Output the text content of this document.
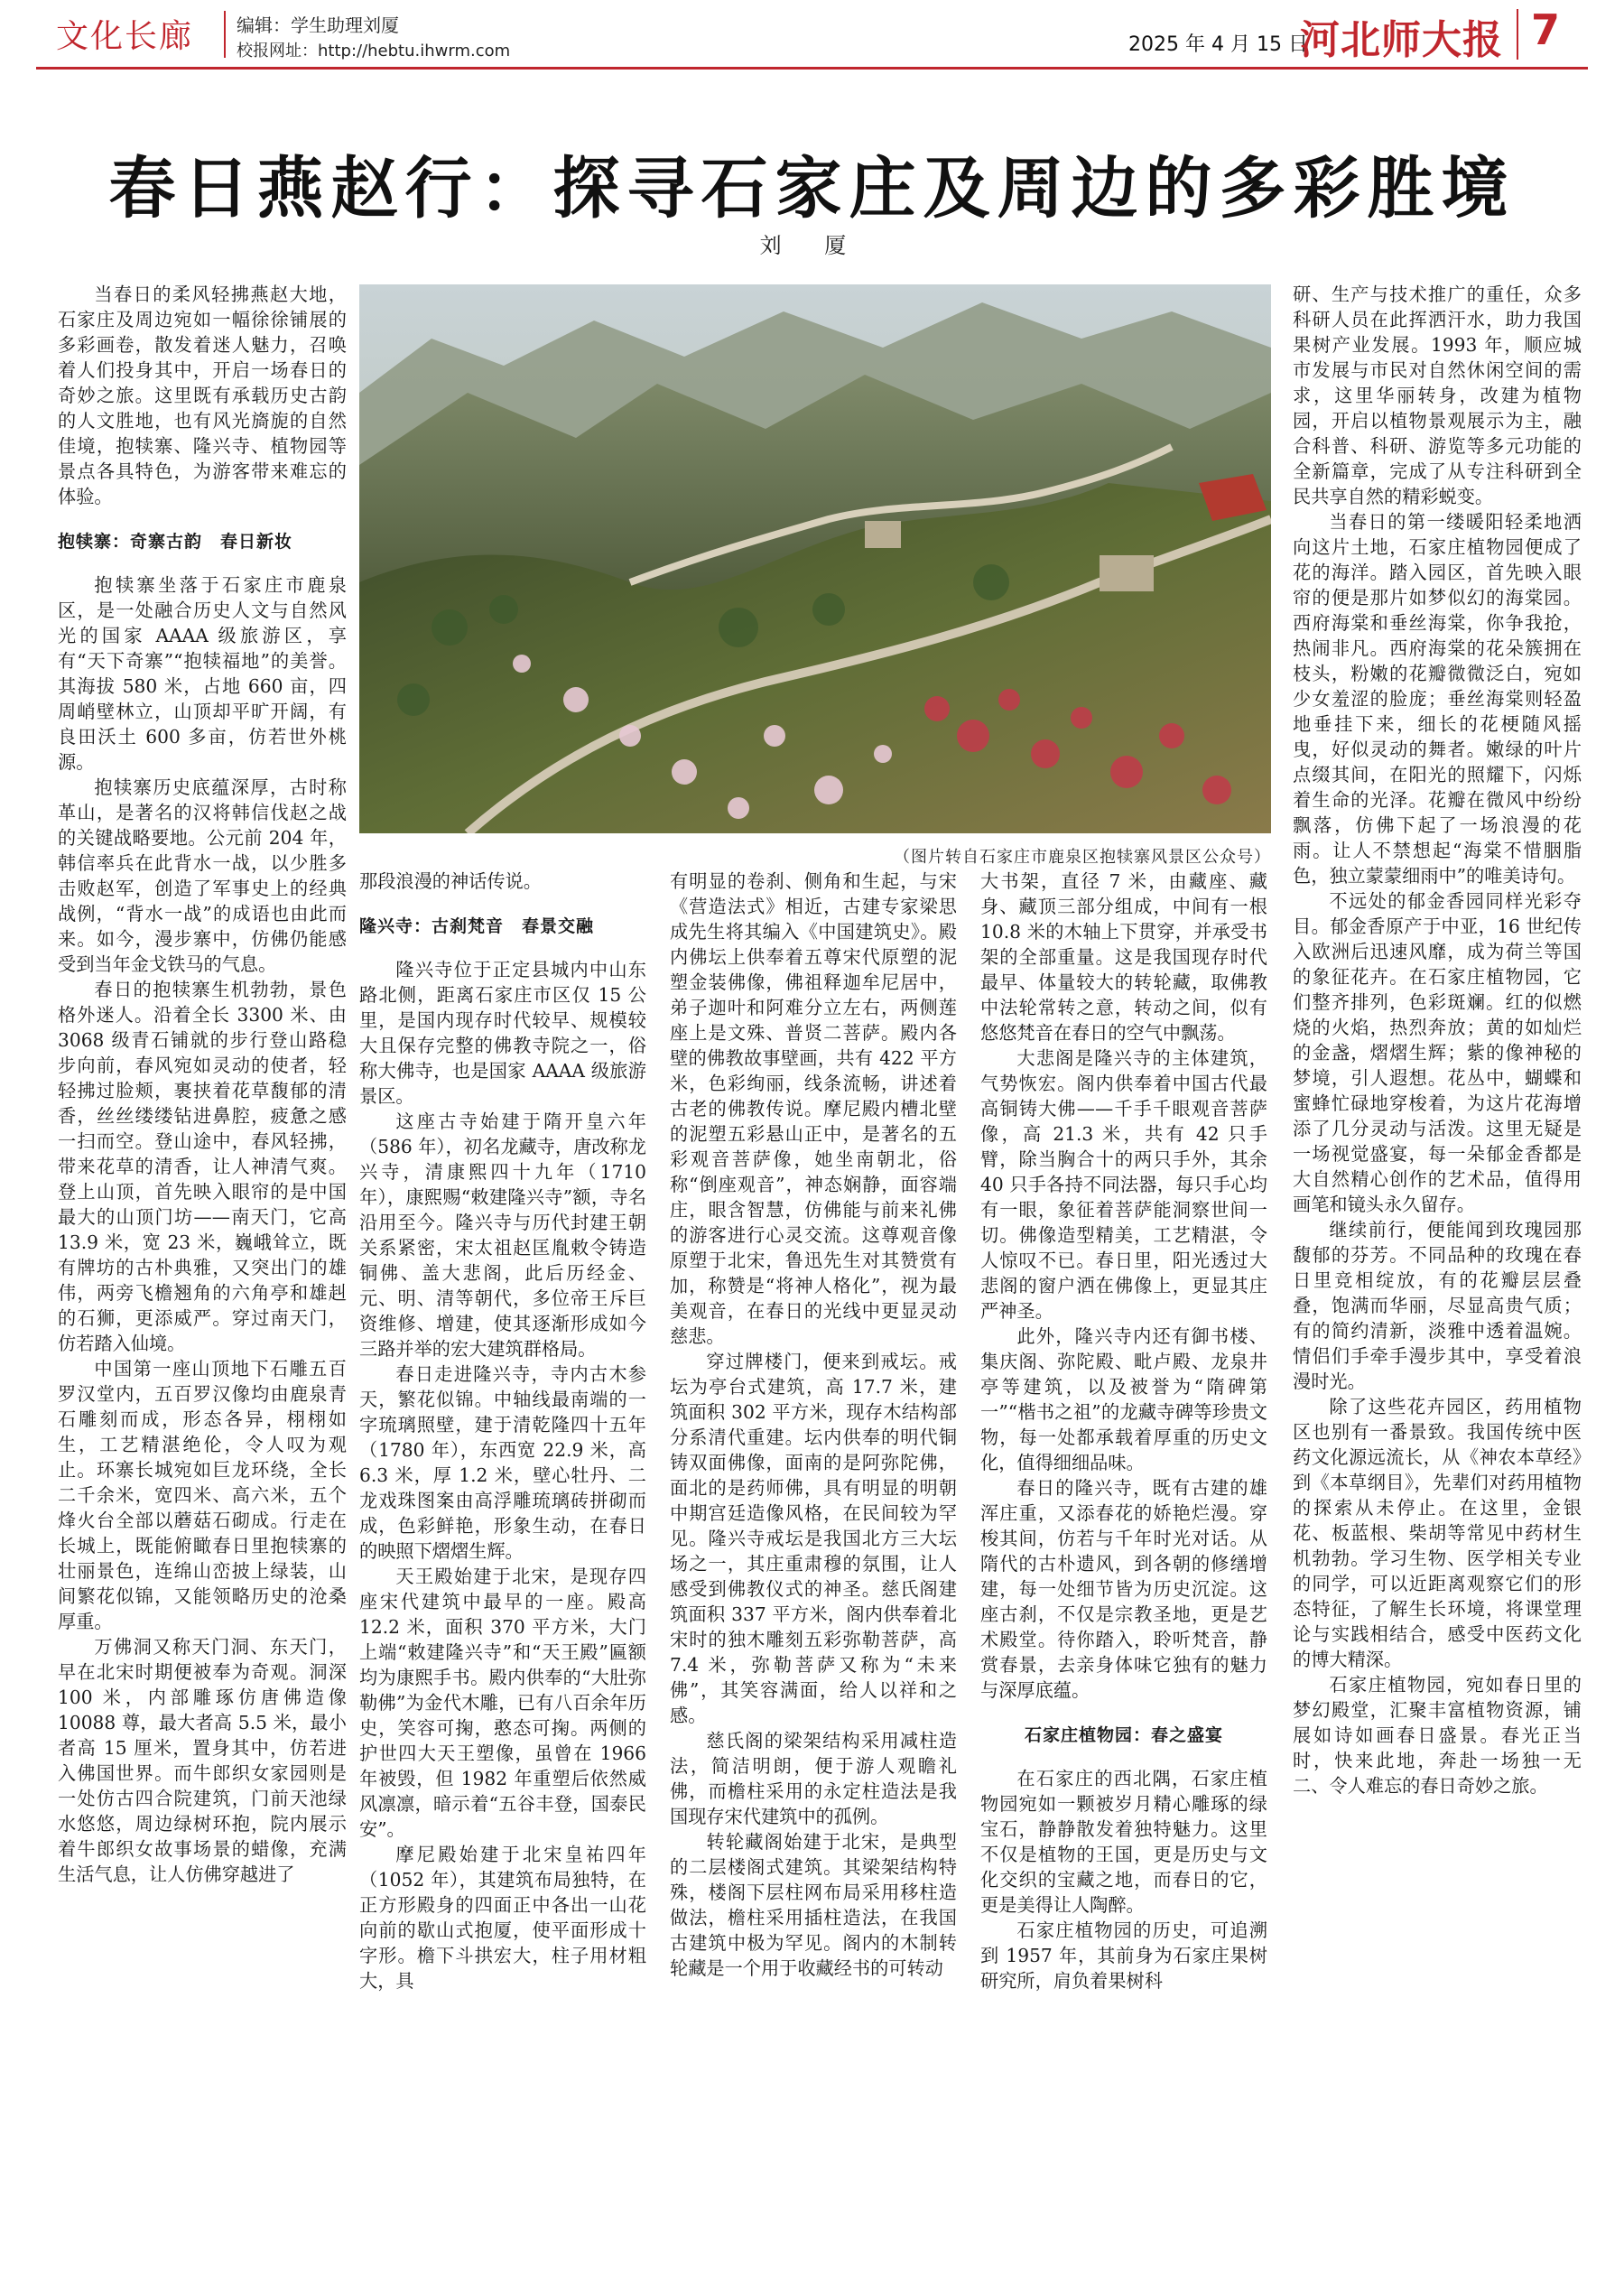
文化长廊 编辑：学生助理刘厦
校报网址：http://hebtu.ihwrm.com	2025 年 4 月 15 日
河北师大报 7
春日燕赵行：探寻石家庄及周边的多彩胜境
刘 厦
（图片转自石家庄市鹿泉区抱犊寨风景区公众号）

当春日的柔风轻拂燕赵大地，石家庄及周边宛如一幅徐徐铺展的多彩画卷，散发着迷人魅力，召唤着人们投身其中，开启一场春日的奇妙之旅。这里既有承载历史古韵的人文胜地，也有风光旖旎的自然佳境，抱犊寨、隆兴寺、植物园等景点各具特色，为游客带来难忘的体验。

抱犊寨：奇寨古韵　春日新妆

抱犊寨坐落于石家庄市鹿泉区，是一处融合历史人文与自然风光的国家 AAAA 级旅游区，享有“天下奇寨”“抱犊福地”的美誉。其海拔 580 米，占地 660 亩，四周峭壁林立，山顶却平旷开阔，有良田沃土 600 多亩，仿若世外桃源。

抱犊寨历史底蕴深厚，古时称革山，是著名的汉将韩信伐赵之战的关键战略要地。公元前 204 年，韩信率兵在此背水一战，以少胜多击败赵军，创造了军事史上的经典战例，“背水一战”的成语也由此而来。如今，漫步寨中，仿佛仍能感受到当年金戈铁马的气息。

春日的抱犊寨生机勃勃，景色格外迷人。沿着全长 3300 米、由 3068 级青石铺就的步行登山路稳步向前，春风宛如灵动的使者，轻轻拂过脸颊，裹挟着花草馥郁的清香，丝丝缕缕钻进鼻腔，疲惫之感一扫而空。登山途中，春风轻拂，带来花草的清香，让人神清气爽。登上山顶，首先映入眼帘的是中国最大的山顶门坊——南天门，它高 13.9 米，宽 23 米，巍峨耸立，既有牌坊的古朴典雅，又突出门的雄伟，两旁飞檐翘角的六角亭和雄赳的石狮，更添威严。穿过南天门，仿若踏入仙境。

中国第一座山顶地下石雕五百罗汉堂内，五百罗汉像均由鹿泉青石雕刻而成，形态各异，栩栩如生，工艺精湛绝伦，令人叹为观止。环寨长城宛如巨龙环绕，全长二千余米，宽四米、高六米，五个烽火台全部以蘑菇石砌成。行走在长城上，既能俯瞰春日里抱犊寨的壮丽景色，连绵山峦披上绿装，山间繁花似锦，又能领略历史的沧桑厚重。

万佛洞又称天门洞、东天门，早在北宋时期便被奉为奇观。洞深 100 米，内部雕琢仿唐佛造像 10088 尊，最大者高 5.5 米，最小者高 15 厘米，置身其中，仿若进入佛国世界。而牛郎织女家园则是一处仿古四合院建筑，门前天池绿水悠悠，周边绿树环抱，院内展示着牛郎织女故事场景的蜡像，充满生活气息，让人仿佛穿越进了

那段浪漫的神话传说。

隆兴寺：古刹梵音　春景交融

隆兴寺位于正定县城内中山东路北侧，距离石家庄市区仅 15 公里，是国内现存时代较早、规模较大且保存完整的佛教寺院之一，俗称大佛寺，也是国家 AAAA 级旅游景区。

这座古寺始建于隋开皇六年（586 年），初名龙藏寺，唐改称龙兴寺，清康熙四十九年（1710 年），康熙赐“敕建隆兴寺”额，寺名沿用至今。隆兴寺与历代封建王朝关系紧密，宋太祖赵匡胤敕令铸造铜佛、盖大悲阁，此后历经金、元、明、清等朝代，多位帝王斥巨资维修、增建，使其逐渐形成如今三路并举的宏大建筑群格局。

春日走进隆兴寺，寺内古木参天，繁花似锦。中轴线最南端的一字琉璃照壁，建于清乾隆四十五年（1780 年），东西宽 22.9 米，高 6.3 米，厚 1.2 米，壁心牡丹、二龙戏珠图案由高浮雕琉璃砖拼砌而成，色彩鲜艳，形象生动，在春日的映照下熠熠生辉。

天王殿始建于北宋，是现存四座宋代建筑中最早的一座。殿高 12.2 米，面积 370 平方米，大门上端“敕建隆兴寺”和“天王殿”匾额均为康熙手书。殿内供奉的“大肚弥勒佛”为金代木雕，已有八百余年历史，笑容可掬，憨态可掬。两侧的护世四大天王塑像，虽曾在 1966 年被毁，但 1982 年重塑后依然威风凛凛，暗示着“五谷丰登，国泰民安”。

摩尼殿始建于北宋皇祐四年（1052 年），其建筑布局独特，在正方形殿身的四面正中各出一山花向前的歇山式抱厦，使平面形成十字形。檐下斗拱宏大，柱子用材粗大，具

有明显的卷刹、侧角和生起，与宋《营造法式》相近，古建专家梁思成先生将其编入《中国建筑史》。殿内佛坛上供奉着五尊宋代原塑的泥塑金装佛像，佛祖释迦牟尼居中，弟子迦叶和阿难分立左右，两侧莲座上是文殊、普贤二菩萨。殿内各壁的佛教故事壁画，共有 422 平方米，色彩绚丽，线条流畅，讲述着古老的佛教传说。摩尼殿内槽北壁的泥塑五彩悬山正中，是著名的五彩观音菩萨像，她坐南朝北，俗称“倒座观音”，神态娴静，面容端庄，眼含智慧，仿佛能与前来礼佛的游客进行心灵交流。这尊观音像原塑于北宋，鲁迅先生对其赞赏有加，称赞是“将神人格化”，视为最美观音，在春日的光线中更显灵动慈悲。

穿过牌楼门，便来到戒坛。戒坛为亭台式建筑，高 17.7 米，建筑面积 302 平方米，现存木结构部分系清代重建。坛内供奉的明代铜铸双面佛像，面南的是阿弥陀佛，面北的是药师佛，具有明显的明朝中期宫廷造像风格，在民间较为罕见。隆兴寺戒坛是我国北方三大坛场之一，其庄重肃穆的氛围，让人感受到佛教仪式的神圣。慈氏阁建筑面积 337 平方米，阁内供奉着北宋时的独木雕刻五彩弥勒菩萨，高 7.4 米，弥勒菩萨又称为“未来佛”，其笑容满面，给人以祥和之感。

慈氏阁的梁架结构采用减柱造法，简洁明朗，便于游人观瞻礼佛，而檐柱采用的永定柱造法是我国现存宋代建筑中的孤例。

转轮藏阁始建于北宋，是典型的二层楼阁式建筑。其梁架结构特殊，楼阁下层柱网布局采用移柱造做法，檐柱采用插柱造法，在我国古建筑中极为罕见。阁内的木制转轮藏是一个用于收藏经书的可转动

大书架，直径 7 米，由藏座、藏身、藏顶三部分组成，中间有一根 10.8 米的木轴上下贯穿，并承受书架的全部重量。这是我国现存时代最早、体量较大的转轮藏，取佛教中法轮常转之意，转动之间，似有悠悠梵音在春日的空气中飘荡。

大悲阁是隆兴寺的主体建筑，气势恢宏。阁内供奉着中国古代最高铜铸大佛——千手千眼观音菩萨像，高 21.3 米，共有 42 只手臂，除当胸合十的两只手外，其余 40 只手各持不同法器，每只手心均有一眼，象征着菩萨能洞察世间一切。佛像造型精美，工艺精湛，令人惊叹不已。春日里，阳光透过大悲阁的窗户洒在佛像上，更显其庄严神圣。

此外，隆兴寺内还有御书楼、集庆阁、弥陀殿、毗卢殿、龙泉井亭等建筑，以及被誉为“隋碑第一”“楷书之祖”的龙藏寺碑等珍贵文物，每一处都承载着厚重的历史文化，值得细细品味。

春日的隆兴寺，既有古建的雄浑庄重，又添春花的娇艳烂漫。穿梭其间，仿若与千年时光对话。从隋代的古朴遗风，到各朝的修缮增建，每一处细节皆为历史沉淀。这座古刹，不仅是宗教圣地，更是艺术殿堂。待你踏入，聆听梵音，静赏春景，去亲身体味它独有的魅力与深厚底蕴。

石家庄植物园：春之盛宴

在石家庄的西北隅，石家庄植物园宛如一颗被岁月精心雕琢的绿宝石，静静散发着独特魅力。这里不仅是植物的王国，更是历史与文化交织的宝藏之地，而春日的它，更是美得让人陶醉。

石家庄植物园的历史，可追溯到 1957 年，其前身为石家庄果树研究所，肩负着果树科

研、生产与技术推广的重任，众多科研人员在此挥洒汗水，助力我国果树产业发展。1993 年，顺应城市发展与市民对自然休闲空间的需求，这里华丽转身，改建为植物园，开启以植物景观展示为主，融合科普、科研、游览等多元功能的全新篇章，完成了从专注科研到全民共享自然的精彩蜕变。

当春日的第一缕暖阳轻柔地洒向这片土地，石家庄植物园便成了花的海洋。踏入园区，首先映入眼帘的便是那片如梦似幻的海棠园。西府海棠和垂丝海棠，你争我抢，热闹非凡。西府海棠的花朵簇拥在枝头，粉嫩的花瓣微微泛白，宛如少女羞涩的脸庞；垂丝海棠则轻盈地垂挂下来，细长的花梗随风摇曳，好似灵动的舞者。嫩绿的叶片点缀其间，在阳光的照耀下，闪烁着生命的光泽。花瓣在微风中纷纷飘落，仿佛下起了一场浪漫的花雨。让人不禁想起“海棠不惜胭脂色，独立蒙蒙细雨中”的唯美诗句。

不远处的郁金香园同样光彩夺目。郁金香原产于中亚，16 世纪传入欧洲后迅速风靡，成为荷兰等国的象征花卉。在石家庄植物园，它们整齐排列，色彩斑斓。红的似燃烧的火焰，热烈奔放；黄的如灿烂的金盏，熠熠生辉；紫的像神秘的梦境，引人遐想。花丛中，蝴蝶和蜜蜂忙碌地穿梭着，为这片花海增添了几分灵动与活泼。这里无疑是一场视觉盛宴，每一朵郁金香都是大自然精心创作的艺术品，值得用画笔和镜头永久留存。

继续前行，便能闻到玫瑰园那馥郁的芬芳。不同品种的玫瑰在春日里竞相绽放，有的花瓣层层叠叠，饱满而华丽，尽显高贵气质；有的简约清新，淡雅中透着温婉。情侣们手牵手漫步其中，享受着浪漫时光。

除了这些花卉园区，药用植物区也别有一番景致。我国传统中医药文化源远流长，从《神农本草经》到《本草纲目》，先辈们对药用植物的探索从未停止。在这里，金银花、板蓝根、柴胡等常见中药材生机勃勃。学习生物、医学相关专业的同学，可以近距离观察它们的形态特征，了解生长环境，将课堂理论与实践相结合，感受中医药文化的博大精深。

石家庄植物园，宛如春日里的梦幻殿堂，汇聚丰富植物资源，铺展如诗如画春日盛景。春光正当时，快来此地，奔赴一场独一无二、令人难忘的春日奇妙之旅。
